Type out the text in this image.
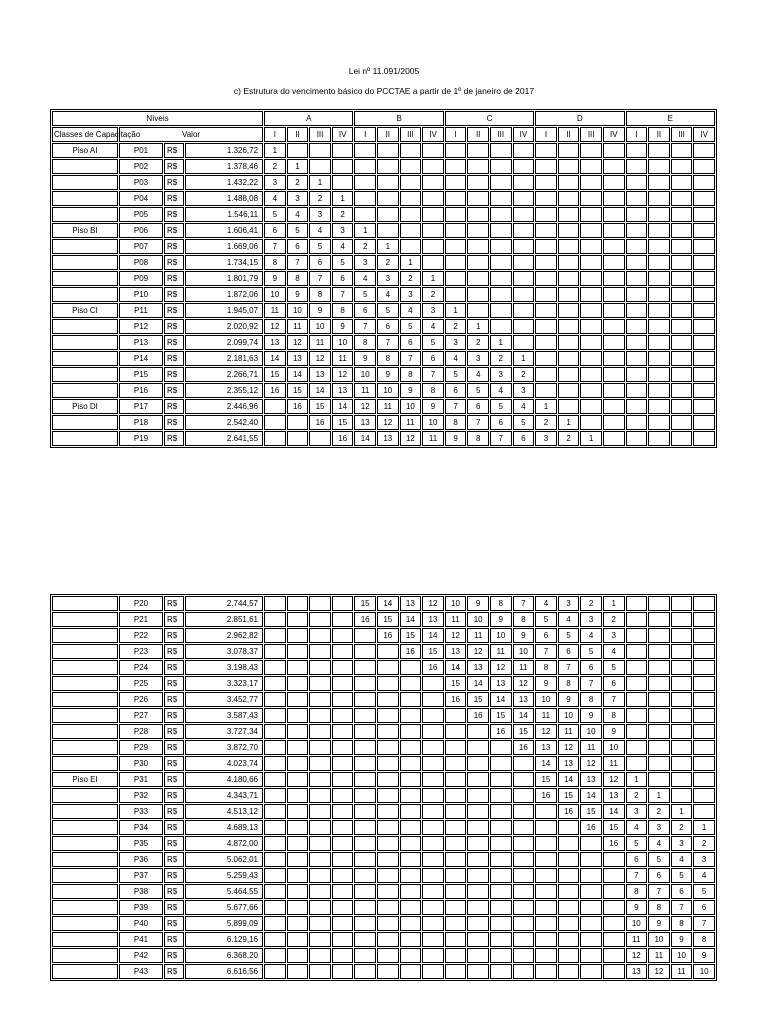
Lei nº 11.091/2005
c) Estrutura do vencimento básico do PCCTAE a partir de 1º de janeiro de 2017
Níveis				A				B				C				D				E			
Classes de Capacitação	Valor			I	II	III	IV	I	II	III	IV	I	II	III	IV	I	II	III	IV	I	II	III	IV
Piso AI	P01	R$	1.326,72	1																			
	P02	R$	1.378,46	2	1																		
	P03	R$	1.432,22	3	2	1																	
	P04	R$	1.488,08	4	3	2	1																
	P05	R$	1.546,11	5	4	3	2																
Piso BI	P06	R$	1.606,41	6	5	4	3	1															
	P07	R$	1.669,06	7	6	5	4	2	1														
	P08	R$	1.734,15	8	7	6	5	3	2	1													
	P09	R$	1.801,79	9	8	7	6	4	3	2	1												
	P10	R$	1.872,06	10	9	8	7	5	4	3	2												
Piso CI	P11	R$	1.945,07	11	10	9	8	6	5	4	3	1											
	P12	R$	2.020,92	12	11	10	9	7	6	5	4	2	1										
	P13	R$	2.099,74	13	12	11	10	8	7	6	5	3	2	1									
	P14	R$	2.181,63	14	13	12	11	9	8	7	6	4	3	2	1								
	P15	R$	2.266,71	15	14	13	12	10	9	8	7	5	4	3	2								
	P16	R$	2.355,12	16	15	14	13	11	10	9	8	6	5	4	3								
Piso DI	P17	R$	2.446,96		16	15	14	12	11	10	9	7	6	5	4	1							
	P18	R$	2.542,40			16	15	13	12	11	10	8	7	6	5	2	1						
	P19	R$	2.641,55				16	14	13	12	11	9	8	7	6	3	2	1					
	P20	R$	2.744,57					15	14	13	12	10	9	8	7	4	3	2	1				
	P21	R$	2.851,61					16	15	14	13	11	10	9	8	5	4	3	2				
	P22	R$	2.962,82						16	15	14	12	11	10	9	6	5	4	3				
	P23	R$	3.078,37							16	15	13	12	11	10	7	6	5	4				
	P24	R$	3.198,43								16	14	13	12	11	8	7	6	5				
	P25	R$	3.323,17									15	14	13	12	9	8	7	6				
	P26	R$	3.452,77									16	15	14	13	10	9	8	7				
	P27	R$	3.587,43										16	15	14	11	10	9	8				
	P28	R$	3.727,34											16	15	12	11	10	9				
	P29	R$	3.872,70												16	13	12	11	10				
	P30	R$	4.023,74													14	13	12	11				
Piso EI	P31	R$	4.180,66													15	14	13	12	1			
	P32	R$	4.343,71													16	15	14	13	2	1		
	P33	R$	4.513,12														16	15	14	3	2	1	
	P34	R$	4.689,13															16	15	4	3	2	1
	P35	R$	4.872,00																16	5	4	3	2
	P36	R$	5.062,01																	6	5	4	3
	P37	R$	5.259,43																	7	6	5	4
	P38	R$	5.464,55																	8	7	6	5
	P39	R$	5.677,66																	9	8	7	6
	P40	R$	5.899,09																	10	9	8	7
	P41	R$	6.129,16																	11	10	9	8
	P42	R$	6.368,20																	12	11	10	9
	P43	R$	6.616,56																	13	12	11	10
